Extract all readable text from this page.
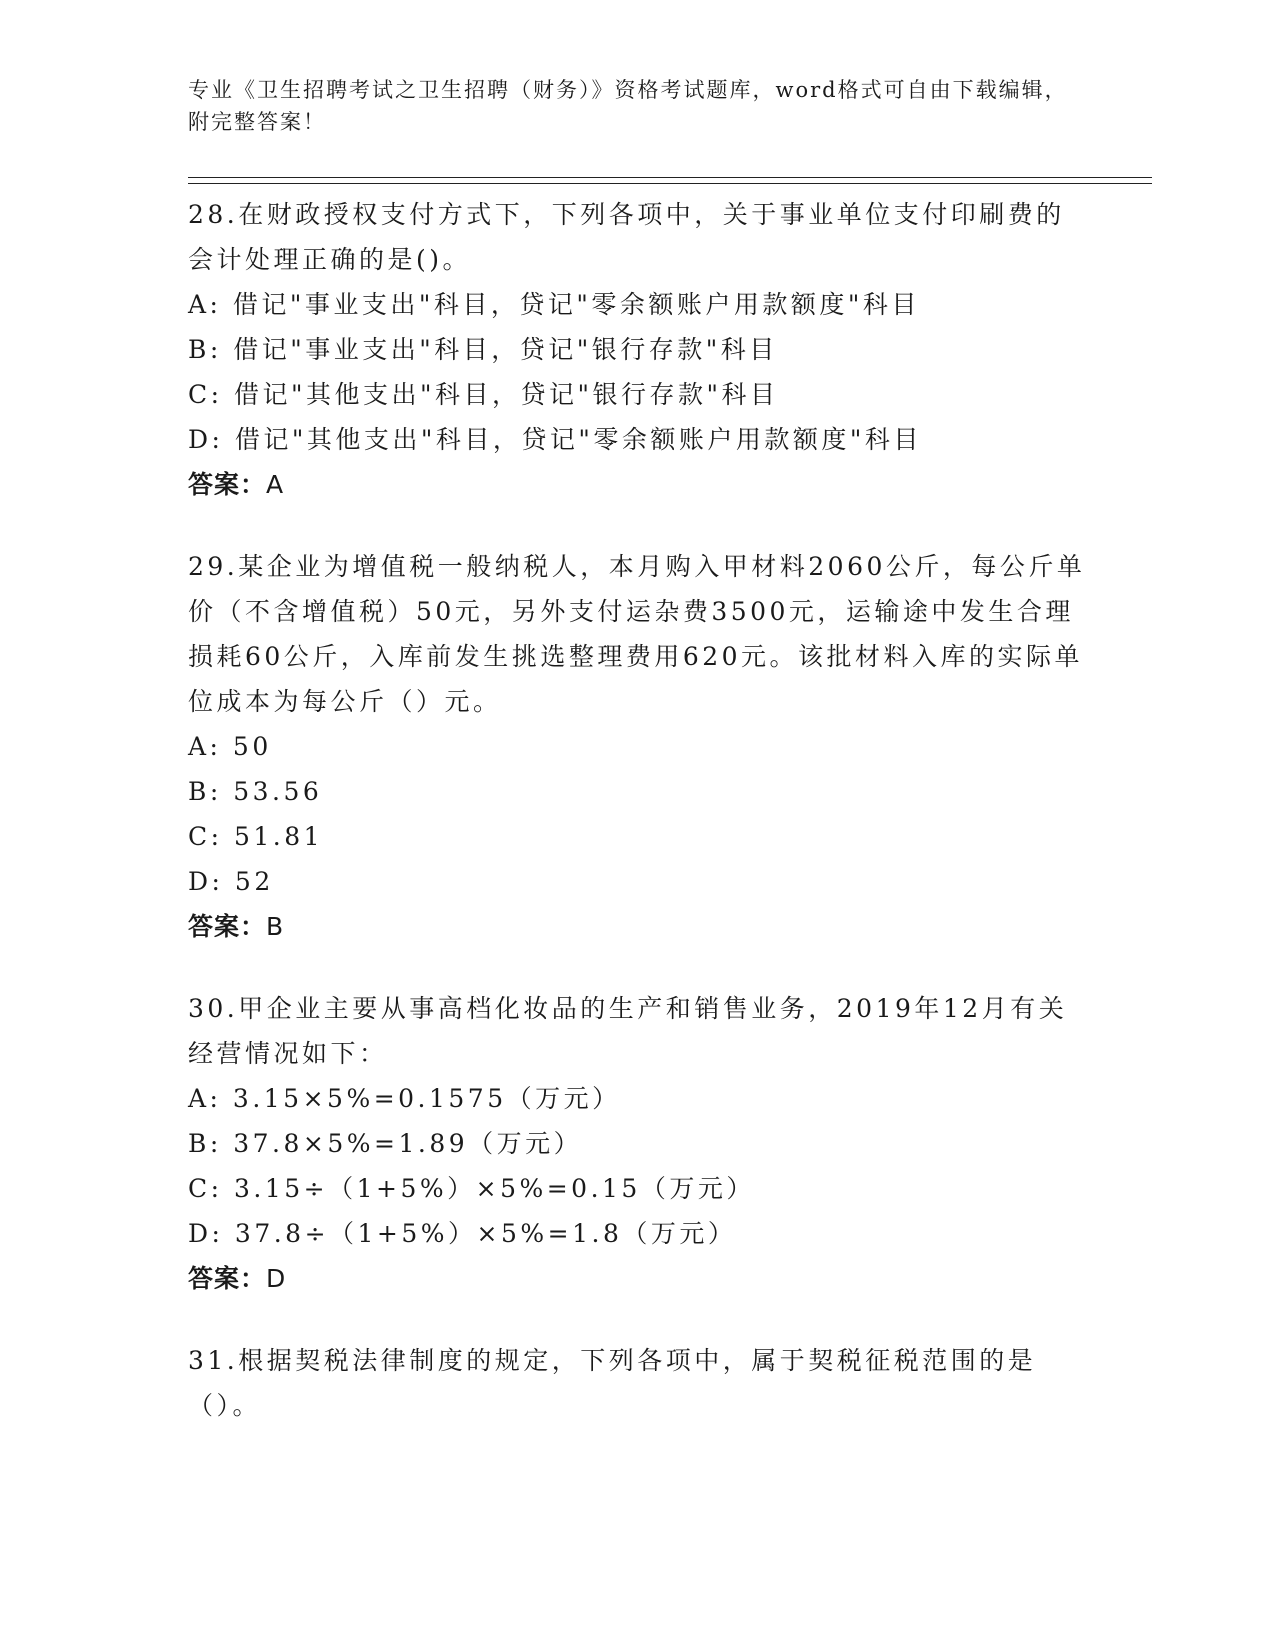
专业《卫生招聘考试之卫生招聘（财务）》资格考试题库，word格式可自由下载编辑，附完整答案！

28.在财政授权支付方式下，下列各项中，关于事业单位支付印刷费的会计处理正确的是()。

A: 借记"事业支出"科目，贷记"零余额账户用款额度"科目

B: 借记"事业支出"科目，贷记"银行存款"科目

C: 借记"其他支出"科目，贷记"银行存款"科目

D: 借记"其他支出"科目，贷记"零余额账户用款额度"科目

答案：A

29.某企业为增值税一般纳税人，本月购入甲材料2060公斤，每公斤单价（不含增值税）50元，另外支付运杂费3500元，运输途中发生合理损耗60公斤，入库前发生挑选整理费用620元。该批材料入库的实际单位成本为每公斤（）元。

A: 50

B: 53.56

C: 51.81

D: 52

答案：B

30.甲企业主要从事高档化妆品的生产和销售业务，2019年12月有关经营情况如下：

A: 3.15×5%=0.1575（万元）

B: 37.8×5%=1.89（万元）

C: 3.15÷（1+5%）×5%=0.15（万元）

D: 37.8÷（1+5%）×5%=1.8（万元）

答案：D

31.根据契税法律制度的规定，下列各项中，属于契税征税范围的是（）。
